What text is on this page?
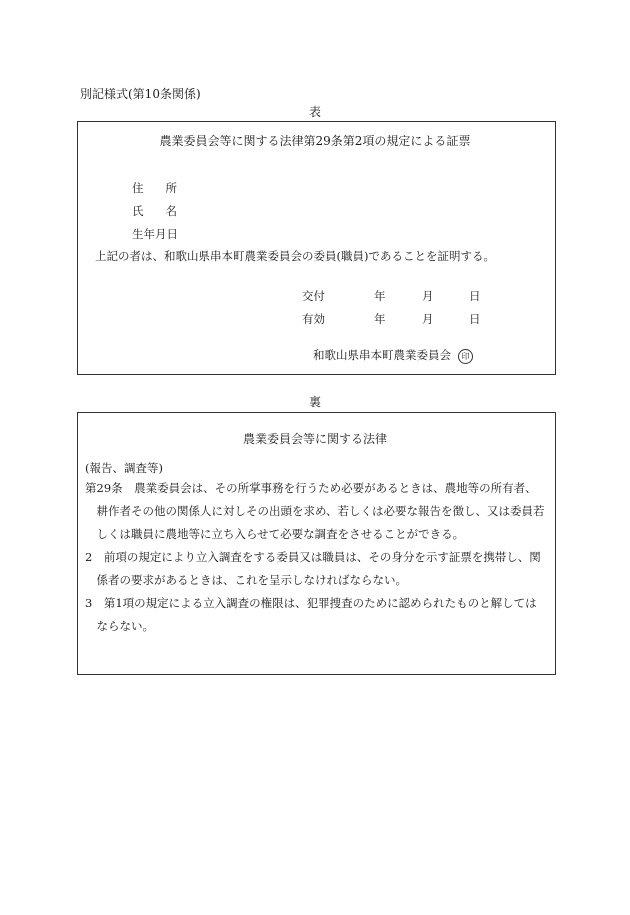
別記様式(第10条関係)
表
農業委員会等に関する法律第29条第2項の規定による証票
住 所
氏 名
生年月日
上記の者は、和歌山県串本町農業委員会の委員(職員)であることを証明する。
交付	年	月	日
有効	年	月	日
和歌山県串本町農業委員会 印
裏
農業委員会等に関する法律
(報告、調査等)

第29条　農業委員会は、その所掌事務を行うため必要があるときは、農地等の所有者、耕作者その他の関係人に対しその出頭を求め、若しくは必要な報告を徴し、又は委員若しくは職員に農地等に立ち入らせて必要な調査をさせることができる。

2　前項の規定により立入調査をする委員又は職員は、その身分を示す証票を携帯し、関係者の要求があるときは、これを呈示しなければならない。

3　第1項の規定による立入調査の権限は、犯罪捜査のために認められたものと解してはならない。
